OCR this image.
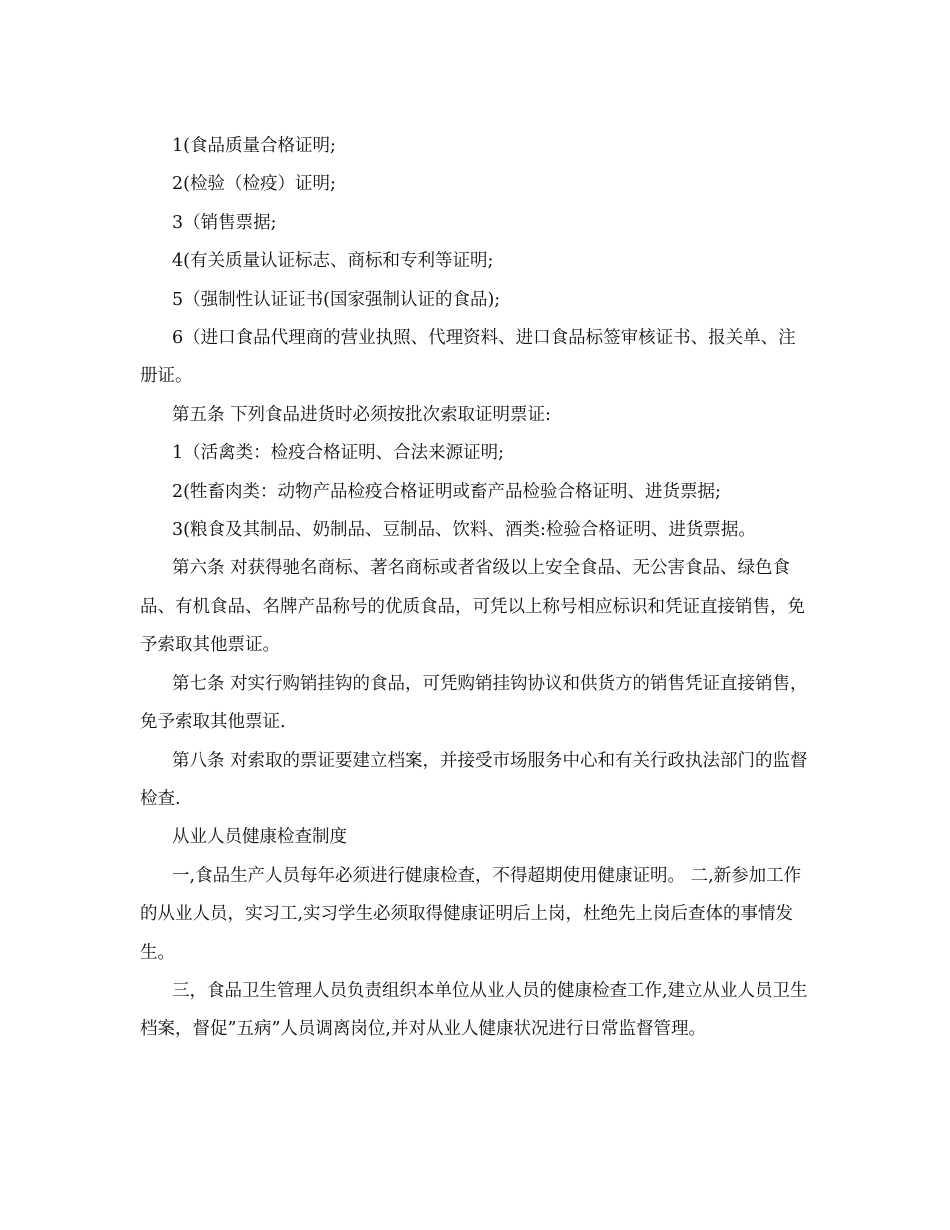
1(食品质量合格证明;

2(检验（检疫）证明;

3（销售票据;

4(有关质量认证标志、商标和专利等证明;

5（强制性认证证书(国家强制认证的食品);

6（进口食品代理商的营业执照、代理资料、进口食品标签审核证书、报关单、注册证。

第五条 下列食品进货时必须按批次索取证明票证:

1（活禽类：检疫合格证明、合法来源证明;

2(牲畜肉类：动物产品检疫合格证明或畜产品检验合格证明、进货票据;

3(粮食及其制品、奶制品、豆制品、饮料、酒类:检验合格证明、进货票据。

第六条 对获得驰名商标、著名商标或者省级以上安全食品、无公害食品、绿色食品、有机食品、名牌产品称号的优质食品，可凭以上称号相应标识和凭证直接销售，免予索取其他票证。

第七条 对实行购销挂钩的食品，可凭购销挂钩协议和供货方的销售凭证直接销售，免予索取其他票证.

第八条 对索取的票证要建立档案，并接受市场服务中心和有关行政执法部门的监督检查.

从业人员健康检查制度

一,食品生产人员每年必须进行健康检查，不得超期使用健康证明。 二,新参加工作的从业人员，实习工,实习学生必须取得健康证明后上岗，杜绝先上岗后查体的事情发生。

三，食品卫生管理人员负责组织本单位从业人员的健康检查工作,建立从业人员卫生档案，督促”五病”人员调离岗位,并对从业人健康状况进行日常监督管理。
